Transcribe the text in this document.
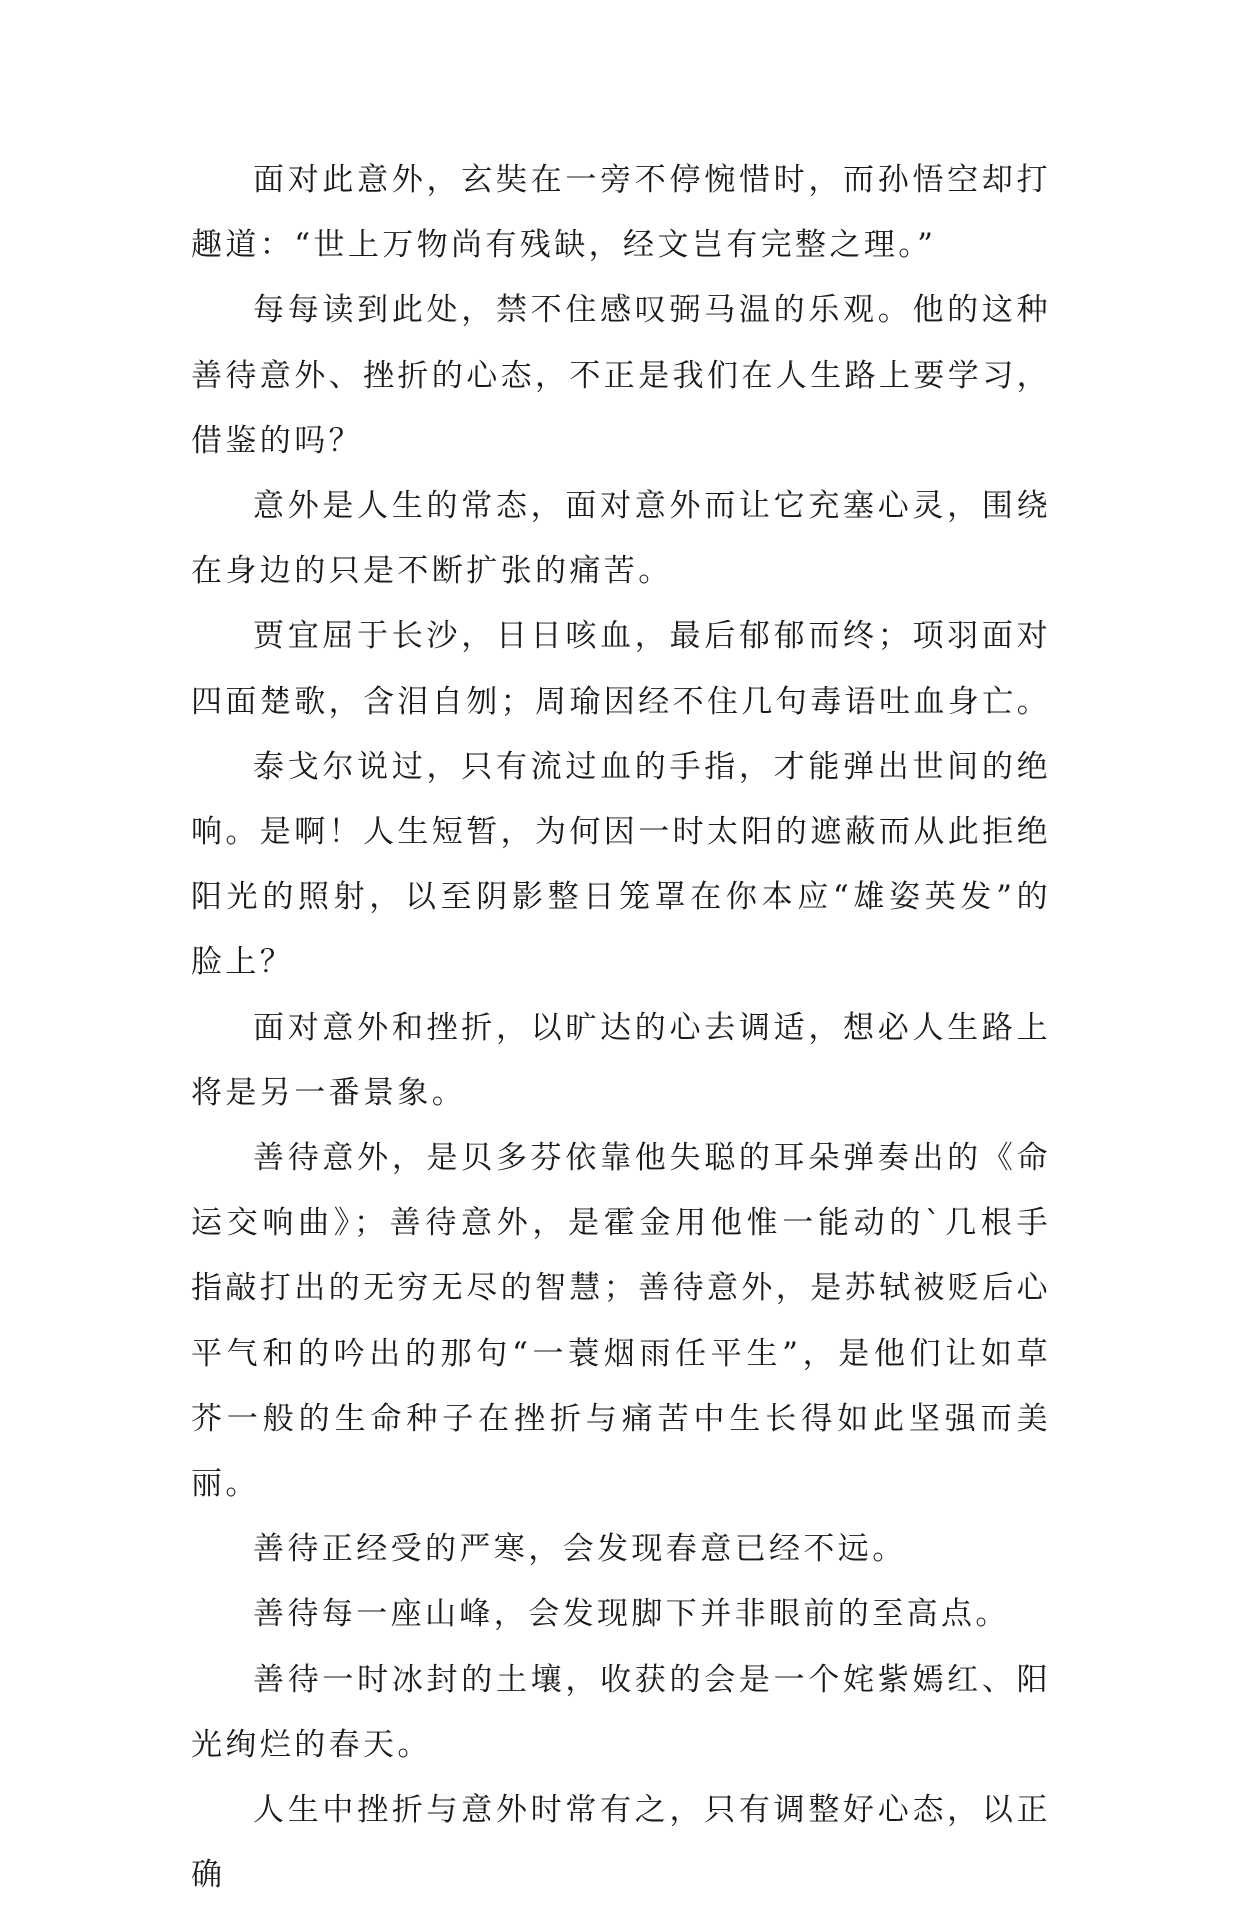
面对此意外，玄奘在一旁不停惋惜时，而孙悟空却打趣道：“世上万物尚有残缺，经文岂有完整之理。”

每每读到此处，禁不住感叹弼马温的乐观。他的这种善待意外、挫折的心态，不正是我们在人生路上要学习，借鉴的吗？

意外是人生的常态，面对意外而让它充塞心灵，围绕在身边的只是不断扩张的痛苦。

贾宜屈于长沙，日日咳血，最后郁郁而终；项羽面对四面楚歌，含泪自刎；周瑜因经不住几句毒语吐血身亡。

泰戈尔说过，只有流过血的手指，才能弹出世间的绝响。是啊！人生短暂，为何因一时太阳的遮蔽而从此拒绝阳光的照射，以至阴影整日笼罩在你本应“雄姿英发”的脸上？

面对意外和挫折，以旷达的心去调适，想必人生路上将是另一番景象。

善待意外，是贝多芬依靠他失聪的耳朵弹奏出的《命运交响曲》；善待意外，是霍金用他惟一能动的`几根手指敲打出的无穷无尽的智慧；善待意外，是苏轼被贬后心平气和的吟出的那句“一蓑烟雨任平生”，是他们让如草芥一般的生命种子在挫折与痛苦中生长得如此坚强而美丽。

善待正经受的严寒，会发现春意已经不远。

善待每一座山峰，会发现脚下并非眼前的至高点。

善待一时冰封的土壤，收获的会是一个姹紫嫣红、阳光绚烂的春天。

人生中挫折与意外时常有之，只有调整好心态，以正确
